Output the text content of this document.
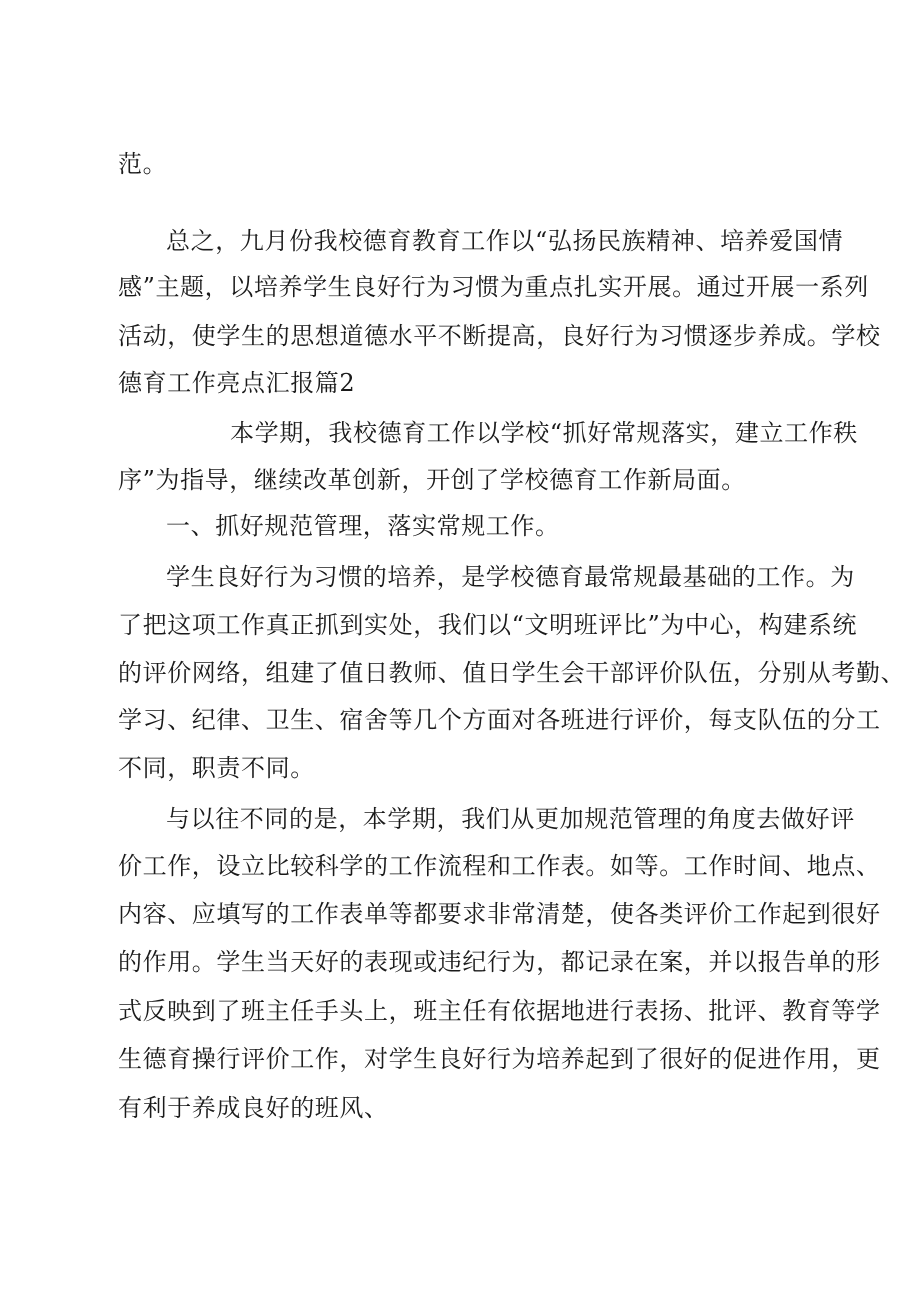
范。
总之，九月份我校德育教育工作以“弘扬民族精神、培养爱国情
感”主题，以培养学生良好行为习惯为重点扎实开展。通过开展一系列
活动，使学生的思想道德水平不断提高，良好行为习惯逐步养成。学校
德育工作亮点汇报篇2
本学期，我校德育工作以学校“抓好常规落实，建立工作秩
序”为指导，继续改革创新，开创了学校德育工作新局面。
一、抓好规范管理，落实常规工作。
学生良好行为习惯的培养，是学校德育最常规最基础的工作。为
了把这项工作真正抓到实处，我们以“文明班评比”为中心，构建系统
的评价网络，组建了值日教师、值日学生会干部评价队伍，分别从考勤、
学习、纪律、卫生、宿舍等几个方面对各班进行评价，每支队伍的分工
不同，职责不同。
与以往不同的是，本学期，我们从更加规范管理的角度去做好评
价工作，设立比较科学的工作流程和工作表。如等。工作时间、地点、
内容、应填写的工作表单等都要求非常清楚，使各类评价工作起到很好
的作用。学生当天好的表现或违纪行为，都记录在案，并以报告单的形
式反映到了班主任手头上，班主任有依据地进行表扬、批评、教育等学
生德育操行评价工作，对学生良好行为培养起到了很好的促进作用，更
有利于养成良好的班风、
